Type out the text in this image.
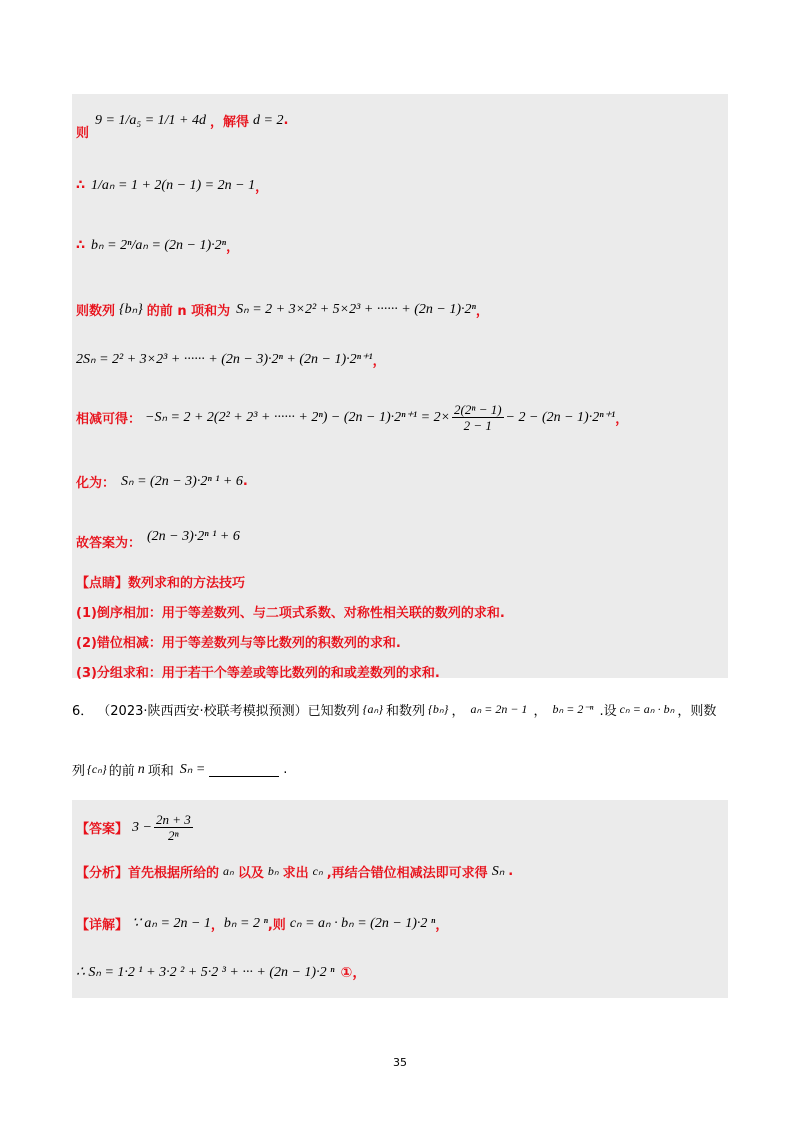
则
9 = 1/a₅ = 1/1 + 4d ，解得 d = 2 .
∴ 1/aₙ = 1 + 2(n − 1) = 2n − 1 ，
∴ bₙ = 2ⁿ/aₙ = (2n − 1)·2ⁿ ，
则数列 {bₙ} 的前 n 项和为 Sₙ = 2 + 3×2² + 5×2³ + ······ + (2n − 1)·2ⁿ ，
2Sₙ = 2² + 3×2³ + ······ + (2n − 3)·2ⁿ + (2n − 1)·2ⁿ⁺¹ ，
相减可得： −Sₙ = 2 + 2(2² + 2³ + ······ + $2^n) - (2n - 1)\cdot 2^{n+1} = 2\times \frac{\text{2(2ⁿ − 1)}}{2 - 1} - 2 - (2n - 1)\cdot 2^{n+1}$ ，
化为： Sₙ = (2n − 3)·2ⁿ ¹ + 6 .
故答案为： (2n − 3)·2ⁿ ¹ + 6
【点睛】数列求和的方法技巧
(1)倒序相加：用于等差数列、与二项式系数、对称性相关联的数列的求和.
(2)错位相减：用于等差数列与等比数列的积数列的求和.
(3)分组求和：用于若干个等差或等比数列的和或差数列的求和.
6． （2023·陕西西安·校联考模拟预测）已知数列 {aₙ} 和数列 {bₙ} ， aₙ = 2n − 1 ， bₙ = 2⁻ⁿ .设 cₙ = aₙ · bₙ ，则数
列 {cₙ} 的前 n 项和 Sₙ =	.
【答案】 $3 - \frac{2n + 3}{\text{2ⁿ}}$
【分析】 首先根据所给的 aₙ 以及 bₙ 求出 cₙ ,再结合错位相减法即可求得 Sₙ .
【详解】 ∵ aₙ = 2n − 1 ， bₙ = 2 ⁿ ,则 cₙ = aₙ · bₙ = (2n − 1)·2 ⁿ ，
∴ Sₙ = 1·2 ¹ + 3·2 ² + 5·2 ³ + ··· + (2n − 1)·2 ⁿ ①，
35
